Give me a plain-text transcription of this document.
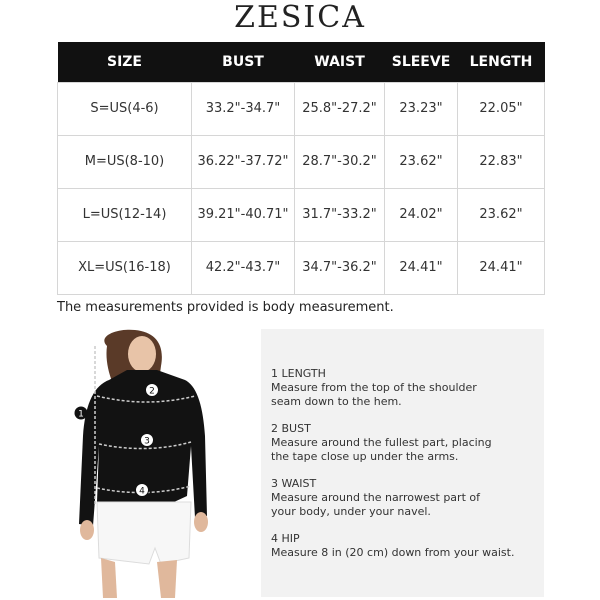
ZESICA
SIZE	BUST	WAIST	SLEEVE	LENGTH
S=US(4-6)	33.2"-34.7"	25.8"-27.2"	23.23"	22.05"
M=US(8-10)	36.22"-37.72"	28.7"-30.2"	23.62"	22.83"
L=US(12-14)	39.21"-40.71"	31.7"-33.2"	24.02"	23.62"
XL=US(16-18)	42.2"-43.7"	34.7"-36.2"	24.41"	24.41"
The measurements provided is body measurement.
1
2
3
4
1 LENGTH
Measure from the top of the shoulder
seam down to the hem.
2 BUST
Measure around the fullest part, placing
the tape close up under the arms.
3 WAIST
Measure around the narrowest part of
your body, under your navel.
4 HIP
Measure 8 in (20 cm) down from your waist.
